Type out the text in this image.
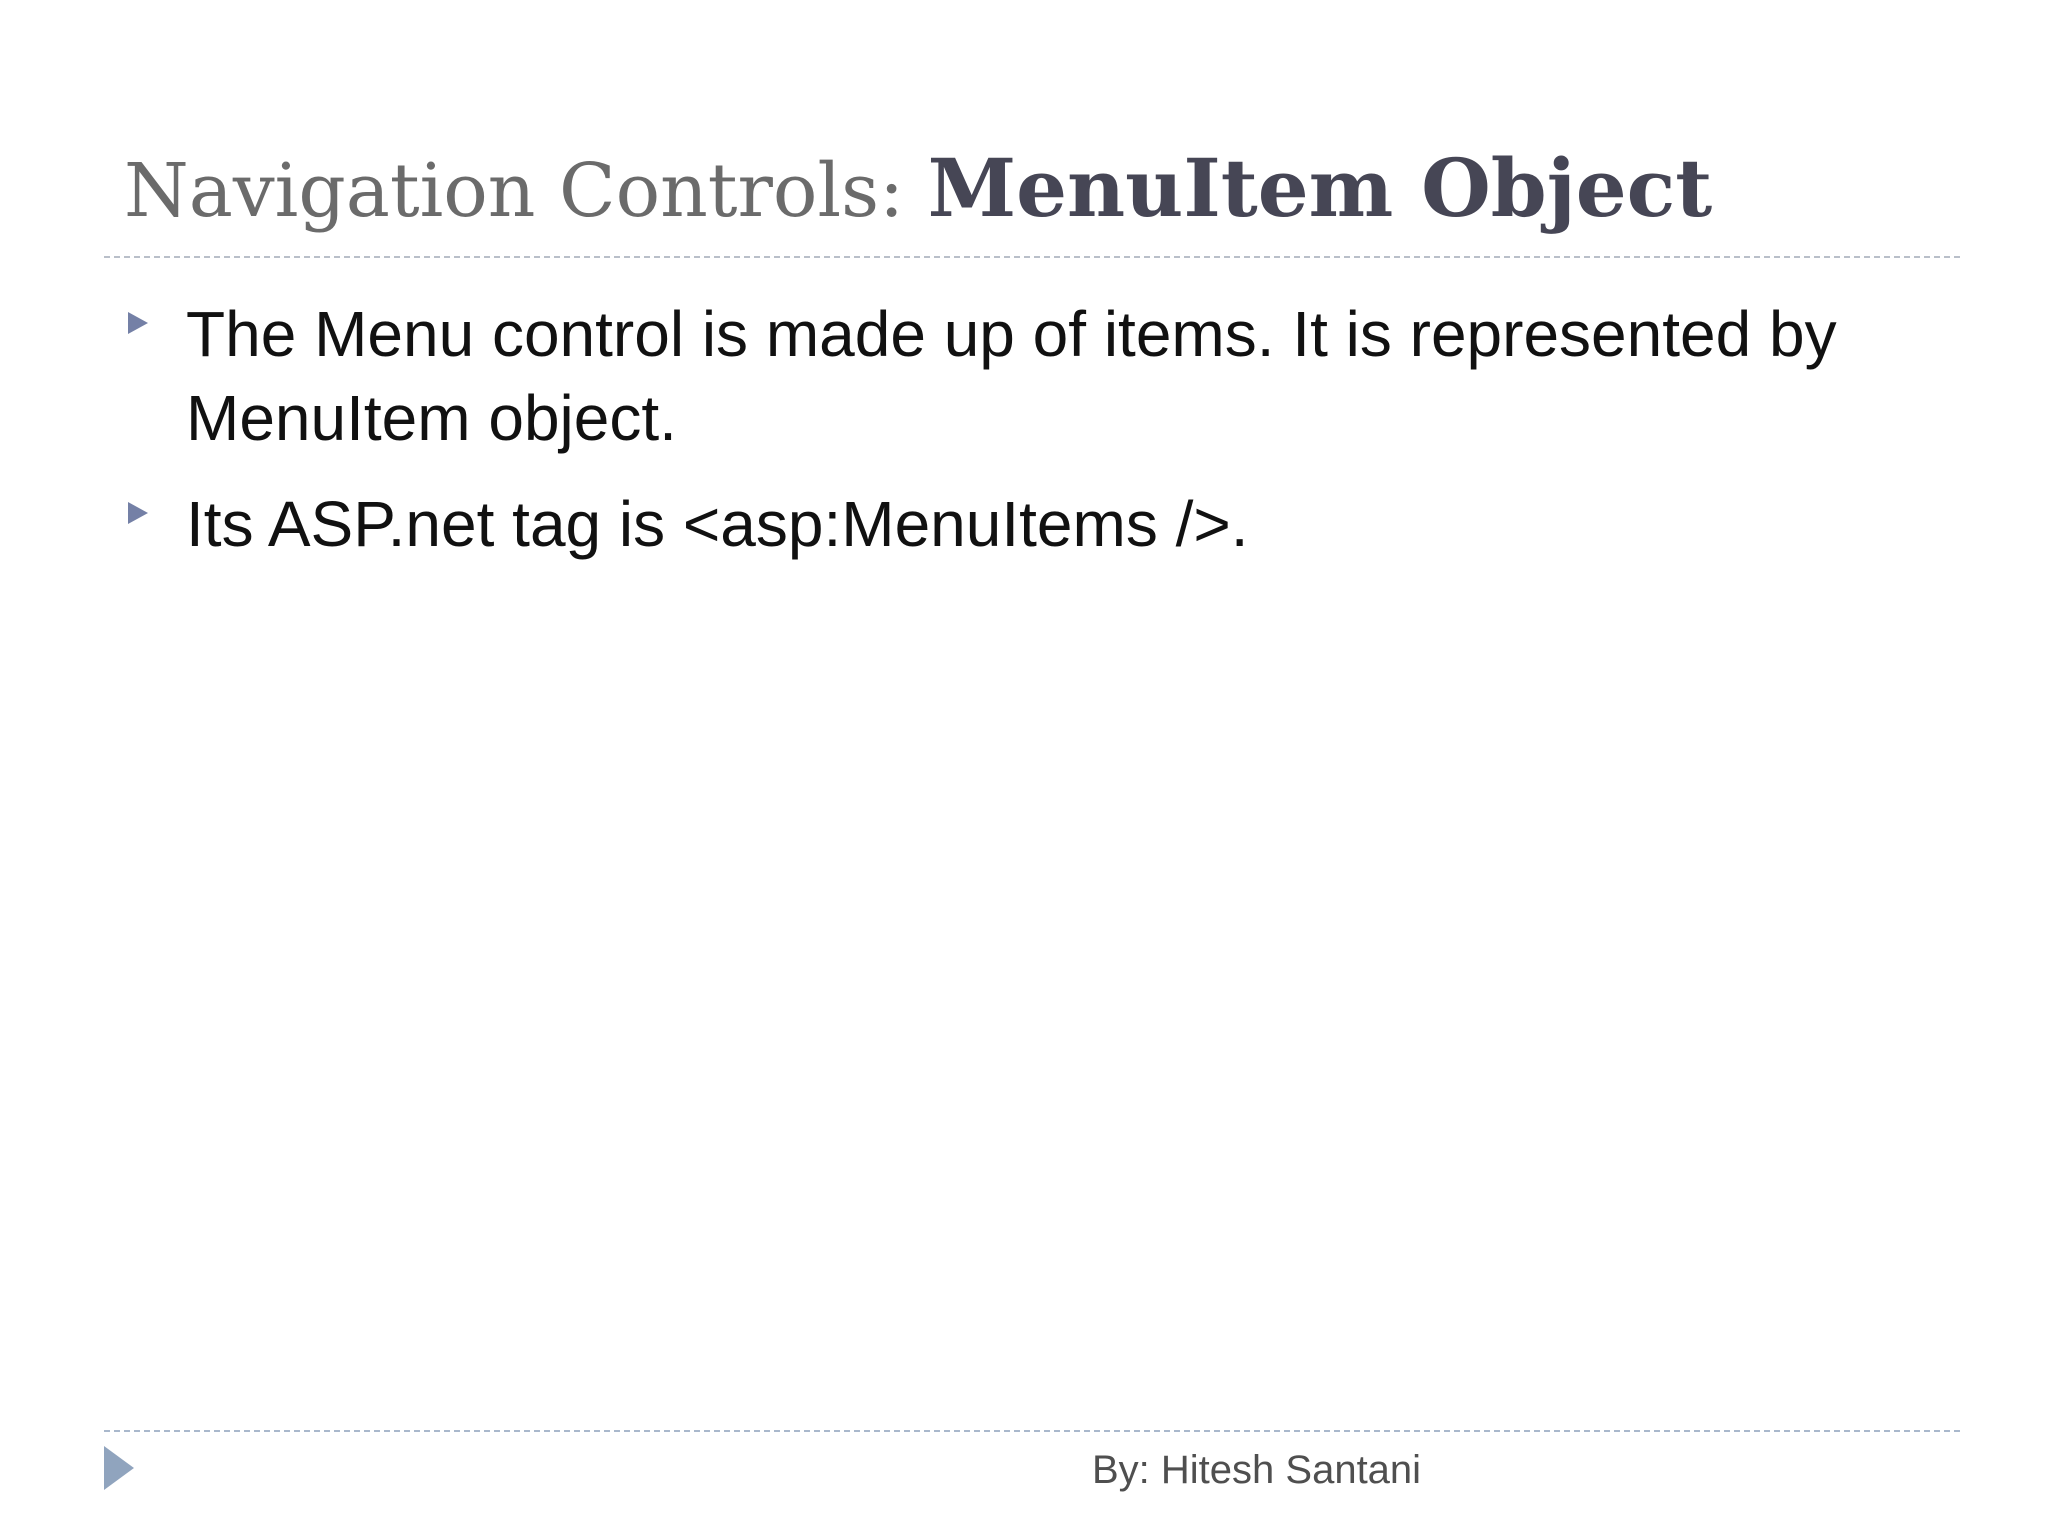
Navigation Controls: MenuItem Object
The Menu control is made up of items. It is represented by MenuItem object.
Its ASP.net tag is <asp:MenuItems />.
By: Hitesh Santani
